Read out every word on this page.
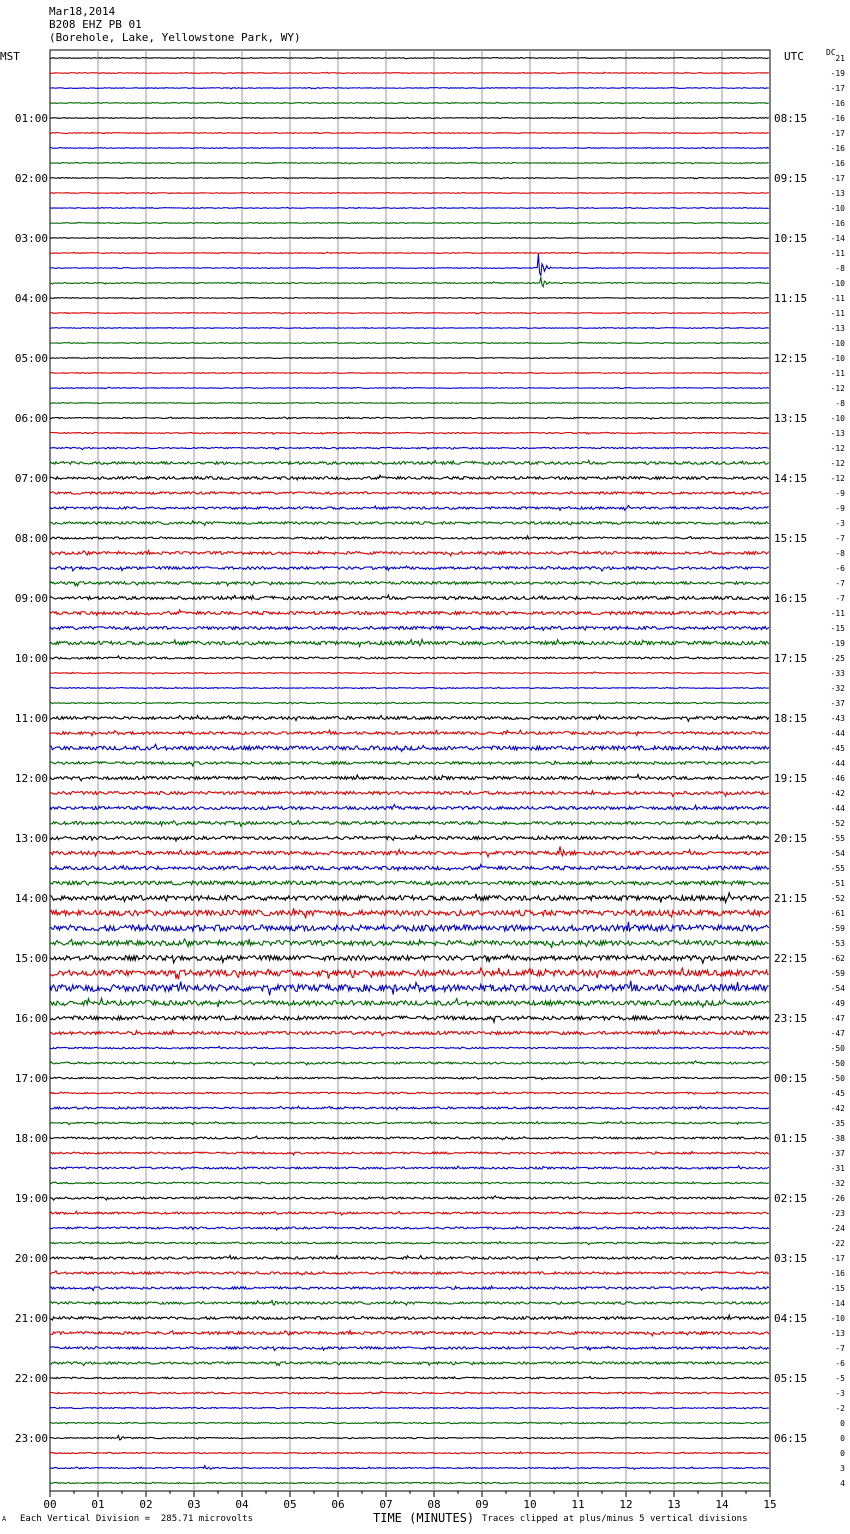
Mar18,2014
B208 EHZ PB 01
(Borehole, Lake, Yellowstone Park, WY)
MST	UTC	DC
01:00
02:00
03:00
04:00
05:00
06:00
07:00
08:00
09:00
10:00
11:00
12:00
13:00
14:00
15:00
16:00
17:00
18:00
19:00
20:00
21:00
22:00
23:00
08:15
09:15
10:15
11:15
12:15
13:15
14:15
15:15
16:15
17:15
18:15
19:15
20:15
21:15
22:15
23:15
00:15
01:15
02:15
03:15
04:15
05:15
06:15
21
-19
-17
-16
-16
-17
-16
-16
-17
-13
-10
-16
-14
-11
-8
-10
-11
-11
-13
-10
-10
-11
-12
-8
-10
-13
-12
-12
-12
-9
-9
-3
-7
-8
-6
-7
-7
-11
-15
-19
-25
-33
-32
-37
-43
-44
-45
-44
-46
-42
-44
-52
-55
-54
-55
-51
-52
-61
-59
-53
-62
-59
-54
-49
-47
-47
-50
-50
-50
-45
-42
-35
-38
-37
-31
-32
-26
-23
-24
-22
-17
-16
-15
-14
-10
-13
-7
-6
-5
-3
-2
0
0
0
3
4
00	01	02	03	04	05	06	07	08	09	10	11	12	13	14	15
A Each Vertical Division =  285.71 microvolts	TIME (MINUTES) Traces clipped at plus/minus 5 vertical divisions
